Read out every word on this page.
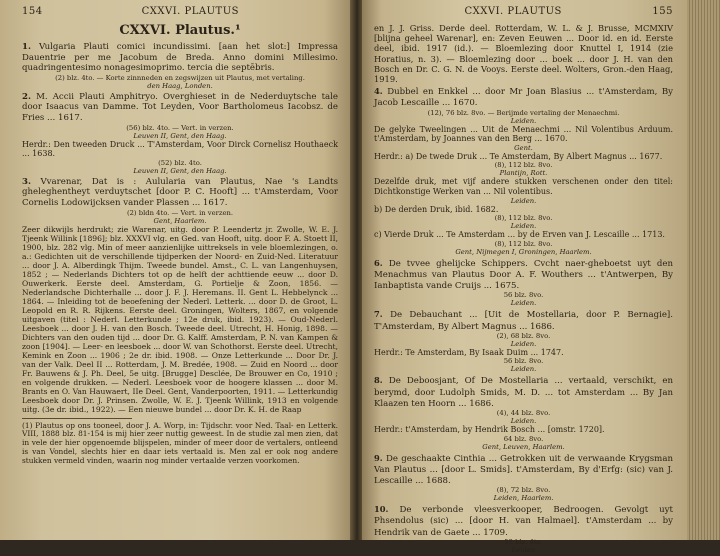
154	CXXVI. PLAUTUS
CXXVI. Plautus.¹
1. Vulgaria Plauti comici incundissimi. [aan het slot:] Impressa Dauentrie per me Jacobum de Breda. Anno domini Millesimo. quadringentesimo nonagesimoprimo. tercia die septēbris.
(2) blz. 4to. — Korte zinnneden en zegswijzen uit Plautus, met vertaling.
den Haag, Londen.
2. M. Accii Plauti Amphitryo. Overghieset in de Nederduytsche tale door Isaacus van Damme. Tot Leyden, Voor Bartholomeus Iacobsz. de Fries ... 1617.
(56) blz. 4to. — Vert. in verzen.
Leuven II, Gent, den Haag.
Herdr.: Den tweeden Druck ... T'Amsterdam, Voor Dirck Cornelisz Houthaeck ... 1638.
(52) blz. 4to.
Leuven II, Gent, den Haag.
3. Vvarenar, Dat is : Aulularia van Plautus, Nae 's Landts gheleghentheyt verduytschet [door P. C. Hooft] ... t'Amsterdam, Voor Cornelis Lodowijcksen vander Plassen ... 1617.
(2) bldn 4to. — Vert. in verzen.
Gent, Haarlem.
Zeer dikwijls herdrukt; zie Warenar, uitg. door P. Leendertz jr. Zwolle, W. E. J. Tjeenk Willink [1896]; blz. XXXVI vlg. en Ged. van Hooft, uitg. door F. A. Stoett II, 1900, blz. 282 vlg. Min of meer aanzienlijke uittreksels in vele bloemlezingen, o. a.: Gedichten uit de verschillende tijdperken der Noord- en Zuid-Ned. Literatuur ... door J. A. Alberdingk Thijm. Tweede bundel. Amst., C. L. van Langenhuysen, 1852 ; — Nederlands Dichters tot op de helft der achttiende eeuw ... door D. Ouwerkerk. Eerste deel. Amsterdam, G. Portielje & Zoon, 1856. — Nederlandsche Dichterhalle ... door J. F. J. Heremans. II. Gent L. Hebbelynck ... 1864. — Inleiding tot de beoefening der Nederl. Letterk. ... door D. de Groot, L. Leopold en R. R. Rijkens. Eerste deel. Groningen, Wolters, 1867, en volgende uitgaven (titel : Nederl. Letterkunde ; 12e druk, ibid. 1923). — Oud-Nederl. Leesboek ... door J. H. van den Bosch. Tweede deel. Utrecht, H. Honig, 1898. — Dichters van den ouden tijd ... door Dr. G. Kalff. Amsterdam, P. N. van Kampen & zoon [1904]. — Leer- en leesboek ... door W. van Schothorst. Eerste deel. Utrecht, Kemink en Zoon ... 1906 ; 2e dr. ibid. 1908. — Onze Letterkunde ... Door Dr. J. van der Valk. Deel II ... Rotterdam, J. M. Bredée, 1908. — Zuid en Noord ... door Fr. Bauwens & J. Ph. Deel, 5e uitg. [Brugge] Desclée, De Brouwer en Co, 1910 ; en volgende drukken. — Nederl. Leesboek voor de hoogere klassen ... door M. Brants en O. Van Hauwaert, IIe Deel. Gent, Vanderpoorten, 1911. — Letterkundig Leesboek door Dr. J. Prinsen. Zwolle, W. E. J. Tjeenk Willink, 1913 en volgende uitg. (3e dr. ibid., 1922). — Een nieuwe bundel ... door Dr. K. H. de Raap
(1) Plautus op ons tooneel, door J. A. Worp, in: Tijdschr. voor Ned. Taal- en Letterk. VIII, 1888 blz. 81-154 is mij hier zeer nuttig geweest. In de studie zal men zien, dat in vele der hier opgenoemde blijspelen, minder of meer door de vertalers, ontleend is van Vondel, slechts hier en daar iets vertaald is. Men zal er ook nog andere stukken vermeld vinden, waarin nog minder vertaalde verzen voorkomen.
CXXVI. PLAUTUS	155
en J. J. Griss. Derde deel. Rotterdam, W. L. & J. Brusse, MCMXIV [blijna geheel Warenar], en: Zeven Eeuwen ... Door id. en id. Eerste deel, ibid. 1917 (id.). — Bloemlezing door Knuttel I, 1914 (zie Horatius, n. 3). — Bloemlezing door ... boek ... door J. H. van den Bosch en Dr. C. G. N. de Vooys. Eerste deel. Wolters, Gron.-den Haag, 1919.
4. Dubbel en Enkkel ... door Mr Joan Blasius ... t'Amsterdam, By Jacob Lescaille ... 1670.
(12), 76 blz. 8vo. — Berijmde vertaling der Menaechmi.
Leiden.
De gelyke Tweelingen ... Uit de Menaechmi ... Nil Volentibus Arduum. t'Amsterdam, by Joannes van den Berg ... 1670.
Gent.
Herdr.: a) De twede Druk ... Te Amsterdam, By Albert Magnus ... 1677.
(8), 112 blz. 8vo.
Plantijn, Rott.
Dezelfde druk, met vijf andere stukken verschenen onder den titel: Dichtkonstige Werken van ... Nil volentibus.
Leiden.
b) De derden Druk, ibid. 1682.
(8), 112 blz. 8vo.
Leiden.
c) Vierde Druk ... Te Amsterdam ... by de Erven van J. Lescaille ... 1713.
(8), 112 blz. 8vo.
Gent, Nijmegen I, Groningen, Haarlem.
6. De tvvee ghelijcke Schippers. Cvcht naer-gheboetst uyt den Menachmus van Plautus Door A. F. Wouthers ... t'Antwerpen, By Ianbaptista vande Cruijs ... 1675.
56 blz. 8vo.
Leiden.
7. De Debauchant ... [Uit de Mostellaria, door P. Bernagie]. T'Amsterdam, By Albert Magnus ... 1686.
(2), 68 blz. 8vo.
Leiden.
Herdr.: Te Amsterdam, By Isaak Duim ... 1747.
56 blz. 8vo.
Leiden.
8. De Deboosjant, Of De Mostellaria ... vertaald, verschikt, en berymd, door Ludolph Smids, M. D. ... tot Amsterdam ... By Jan Klaazen ten Hoorn ... 1686.
(4), 44 blz. 8vo.
Leiden.
Herdr.: t'Amsterdam, by Hendrik Bosch ... [omstr. 1720].
64 blz. 8vo.
Gent, Leuven, Haarlem.
9. De geschaakte Cinthia ... Getrokken uit de verwaande Krygsman Van Plautus ... [door L. Smids]. t'Amsterdam, By d'Erfg: (sic) van J. Lescaille ... 1688.
(8), 72 blz. 8vo.
Leiden, Haarlem.
10. De verbonde vleesverkooper, Bedroogen. Gevolgt uyt Phsendolus (sic) ... [door H. van Halmael]. t'Amsterdam ... by Hendrik van de Gaete ... 1709.
52 blz. 4to.
Leiden
